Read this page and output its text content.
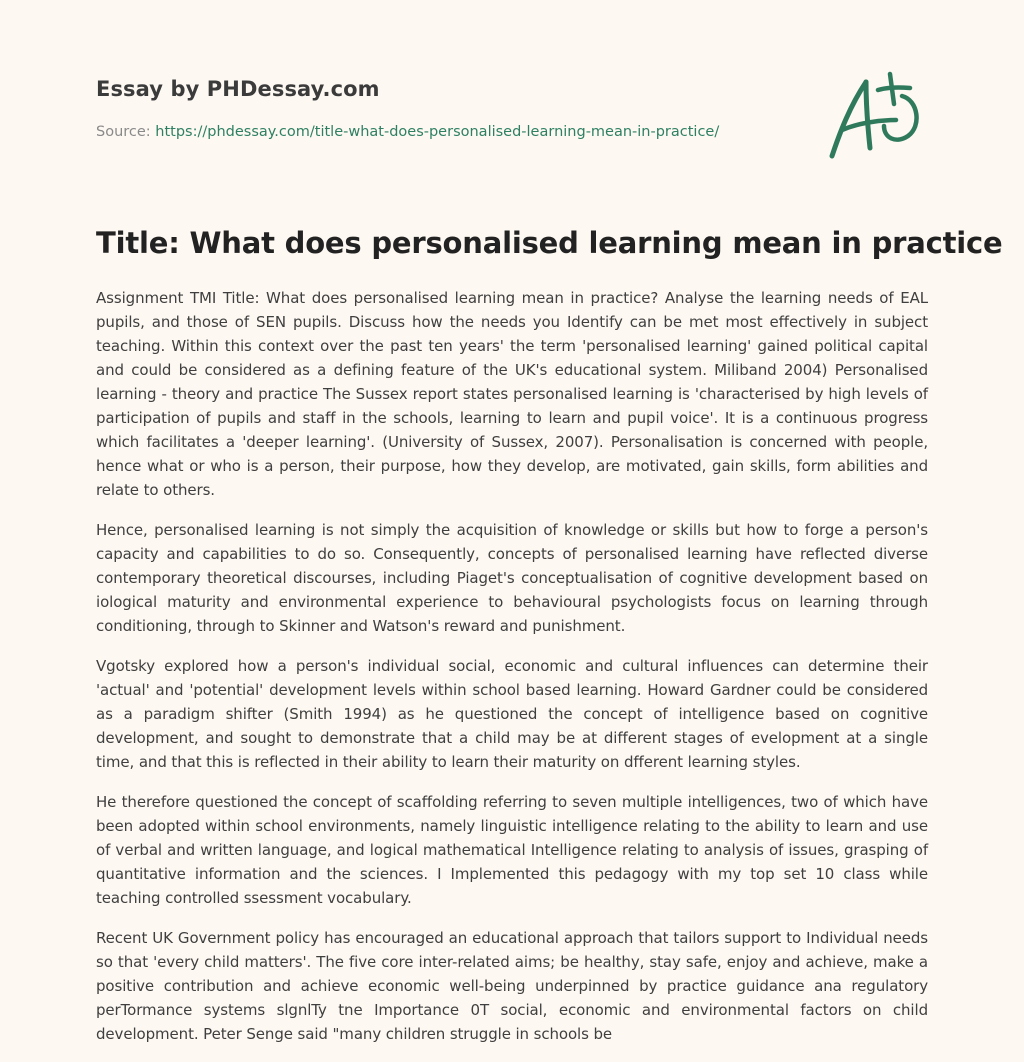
Essay by PHDessay.com
Source: https://phdessay.com/title-what-does-personalised-learning-mean-in-practice/
Title: What does personalised learning mean in practice

Assignment TMI Title: What does personalised learning mean in practice? Analyse the learning needs of EAL pupils, and those of SEN pupils. Discuss how the needs you Identify can be met most effectively in subject teaching. Within this context over the past ten years' the term 'personalised learning' gained political capital and could be considered as a defining feature of the UK's educational system. Miliband 2004) Personalised learning - theory and practice The Sussex report states personalised learning is 'characterised by high levels of participation of pupils and staff in the schools, learning to learn and pupil voice'. It is a continuous progress which facilitates a 'deeper learning'. (University of Sussex, 2007). Personalisation is concerned with people, hence what or who is a person, their purpose, how they develop, are motivated, gain skills, form abilities and relate to others.

Hence, personalised learning is not simply the acquisition of knowledge or skills but how to forge a person's capacity and capabilities to do so. Consequently, concepts of personalised learning have reflected diverse contemporary theoretical discourses, including Piaget's conceptualisation of cognitive development based on iological maturity and environmental experience to behavioural psychologists focus on learning through conditioning, through to Skinner and Watson's reward and punishment.

Vgotsky explored how a person's individual social, economic and cultural influences can determine their 'actual' and 'potential' development levels within school based learning. Howard Gardner could be considered as a paradigm shifter (Smith 1994) as he questioned the concept of intelligence based on cognitive development, and sought to demonstrate that a child may be at different stages of evelopment at a single time, and that this is reflected in their ability to learn their maturity on dfferent learning styles.

He therefore questioned the concept of scaffolding referring to seven multiple intelligences, two of which have been adopted within school environments, namely linguistic intelligence relating to the ability to learn and use of verbal and written language, and logical mathematical Intelligence relating to analysis of issues, grasping of quantitative information and the sciences. I Implemented this pedagogy with my top set 10 class while teaching controlled ssessment vocabulary.

Recent UK Government policy has encouraged an educational approach that tailors support to Individual needs so that 'every child matters'. The five core inter-related aims; be healthy, stay safe, enjoy and achieve, make a positive contribution and achieve economic well-being underpinned by practice guidance ana regulatory perTormance systems slgnlTy tne Importance 0T social, economic and environmental factors on child development. Peter Senge said "many children struggle in schools be
